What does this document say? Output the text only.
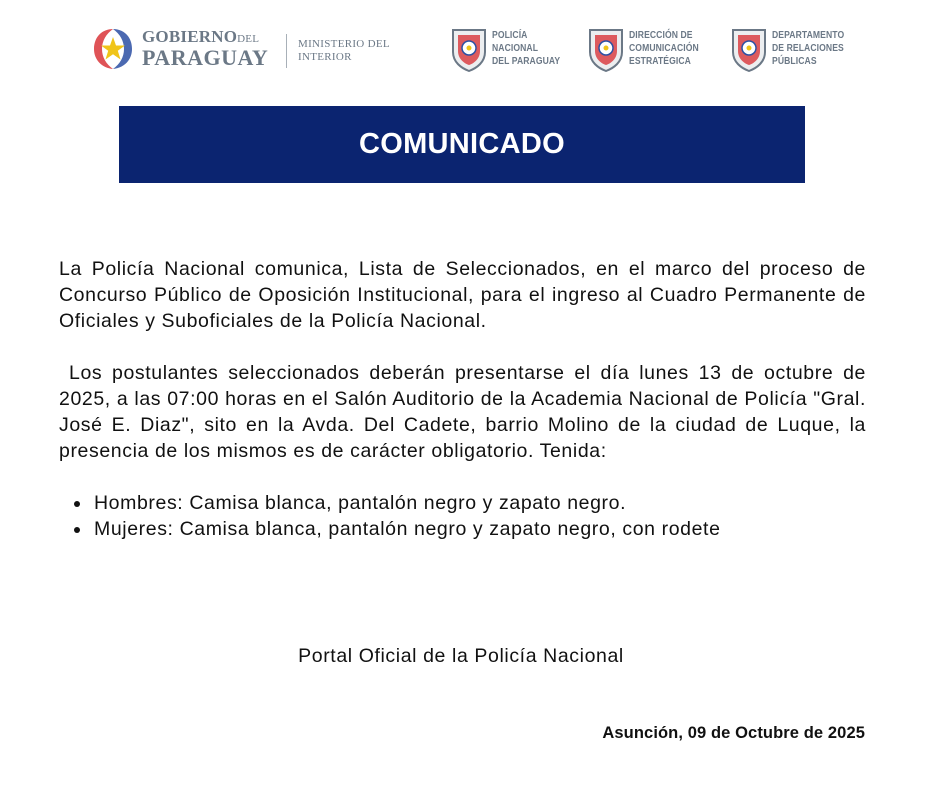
GOBIERNODEL
PARAGUAY
MINISTERIO DEL
INTERIOR
POLICÍA
NACIONAL
DEL PARAGUAY
DIRECCIÓN DE
COMUNICACIÓN
ESTRATÉGICA
DEPARTAMENTO
DE RELACIONES
PÚBLICAS
COMUNICADO

La Policía Nacional comunica, Lista de Seleccionados, en el marco del proceso de Concurso Público de Oposición Institucional, para el ingreso al Cuadro Permanente de Oficiales y Suboficiales de la Policía Nacional.

Los postulantes seleccionados deberán presentarse el día lunes 13 de octubre de 2025, a las 07:00 horas en el Salón Auditorio de la Academia Nacional de Policía "Gral. José E. Diaz", sito en la Avda. Del Cadete, barrio Molino de la ciudad de Luque, la presencia de los mismos es de carácter obligatorio. Tenida:

Hombres: Camisa blanca, pantalón negro y zapato negro.
Mujeres: Camisa blanca, pantalón negro y zapato negro, con rodete
Portal Oficial de la Policía Nacional
Asunción, 09 de Octubre de 2025
